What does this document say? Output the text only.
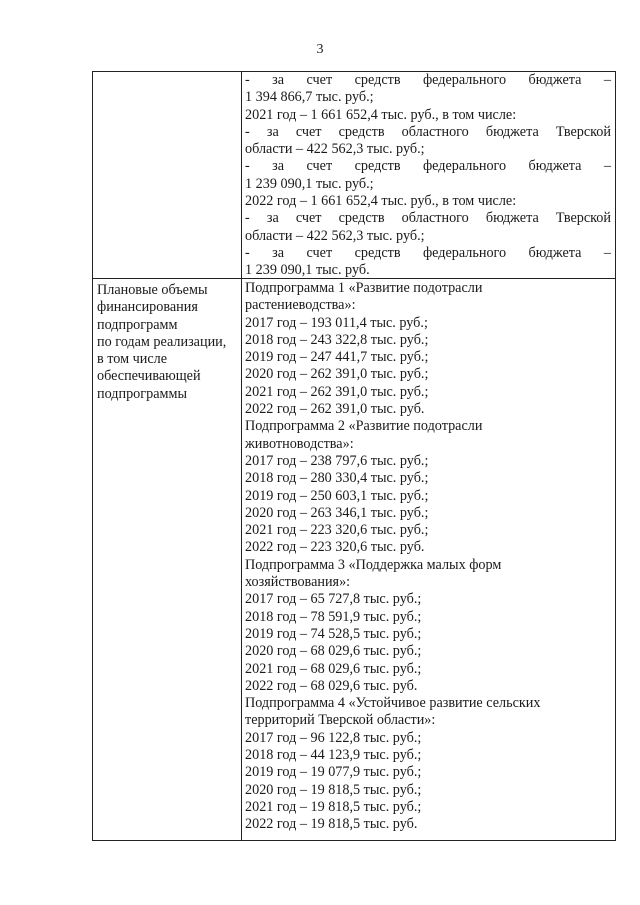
3
- за счет средств федерального бюджета –
1 394 866,7 тыс. руб.;
2021 год – 1 661 652,4 тыс. руб., в том числе:
- за счет средств областного бюджета Тверской
области – 422 562,3 тыс. руб.;
- за счет средств федерального бюджета –
1 239 090,1 тыс. руб.;
2022 год – 1 661 652,4 тыс. руб., в том числе:
- за счет средств областного бюджета Тверской
области – 422 562,3 тыс. руб.;
- за счет средств федерального бюджета –
1 239 090,1 тыс. руб.
Плановые объемы
финансирования
подпрограмм
по годам реализации,
в том числе
обеспечивающей
подпрограммы
Подпрограмма 1 «Развитие подотрасли
растениеводства»:
2017 год – 193 011,4 тыс. руб.;
2018 год – 243 322,8 тыс. руб.;
2019 год – 247 441,7 тыс. руб.;
2020 год – 262 391,0 тыс. руб.;
2021 год – 262 391,0 тыс. руб.;
2022 год – 262 391,0 тыс. руб.
Подпрограмма 2 «Развитие подотрасли
животноводства»:
2017 год – 238 797,6 тыс. руб.;
2018 год – 280 330,4 тыс. руб.;
2019 год – 250 603,1 тыс. руб.;
2020 год – 263 346,1 тыс. руб.;
2021 год – 223 320,6 тыс. руб.;
2022 год – 223 320,6 тыс. руб.
Подпрограмма 3 «Поддержка малых форм
хозяйствования»:
2017 год – 65 727,8 тыс. руб.;
2018 год – 78 591,9 тыс. руб.;
2019 год – 74 528,5 тыс. руб.;
2020 год – 68 029,6 тыс. руб.;
2021 год – 68 029,6 тыс. руб.;
2022 год – 68 029,6 тыс. руб.
Подпрограмма 4 «Устойчивое развитие сельских
территорий Тверской области»:
2017 год – 96 122,8 тыс. руб.;
2018 год – 44 123,9 тыс. руб.;
2019 год – 19 077,9 тыс. руб.;
2020 год – 19 818,5 тыс. руб.;
2021 год – 19 818,5 тыс. руб.;
2022 год – 19 818,5 тыс. руб.
